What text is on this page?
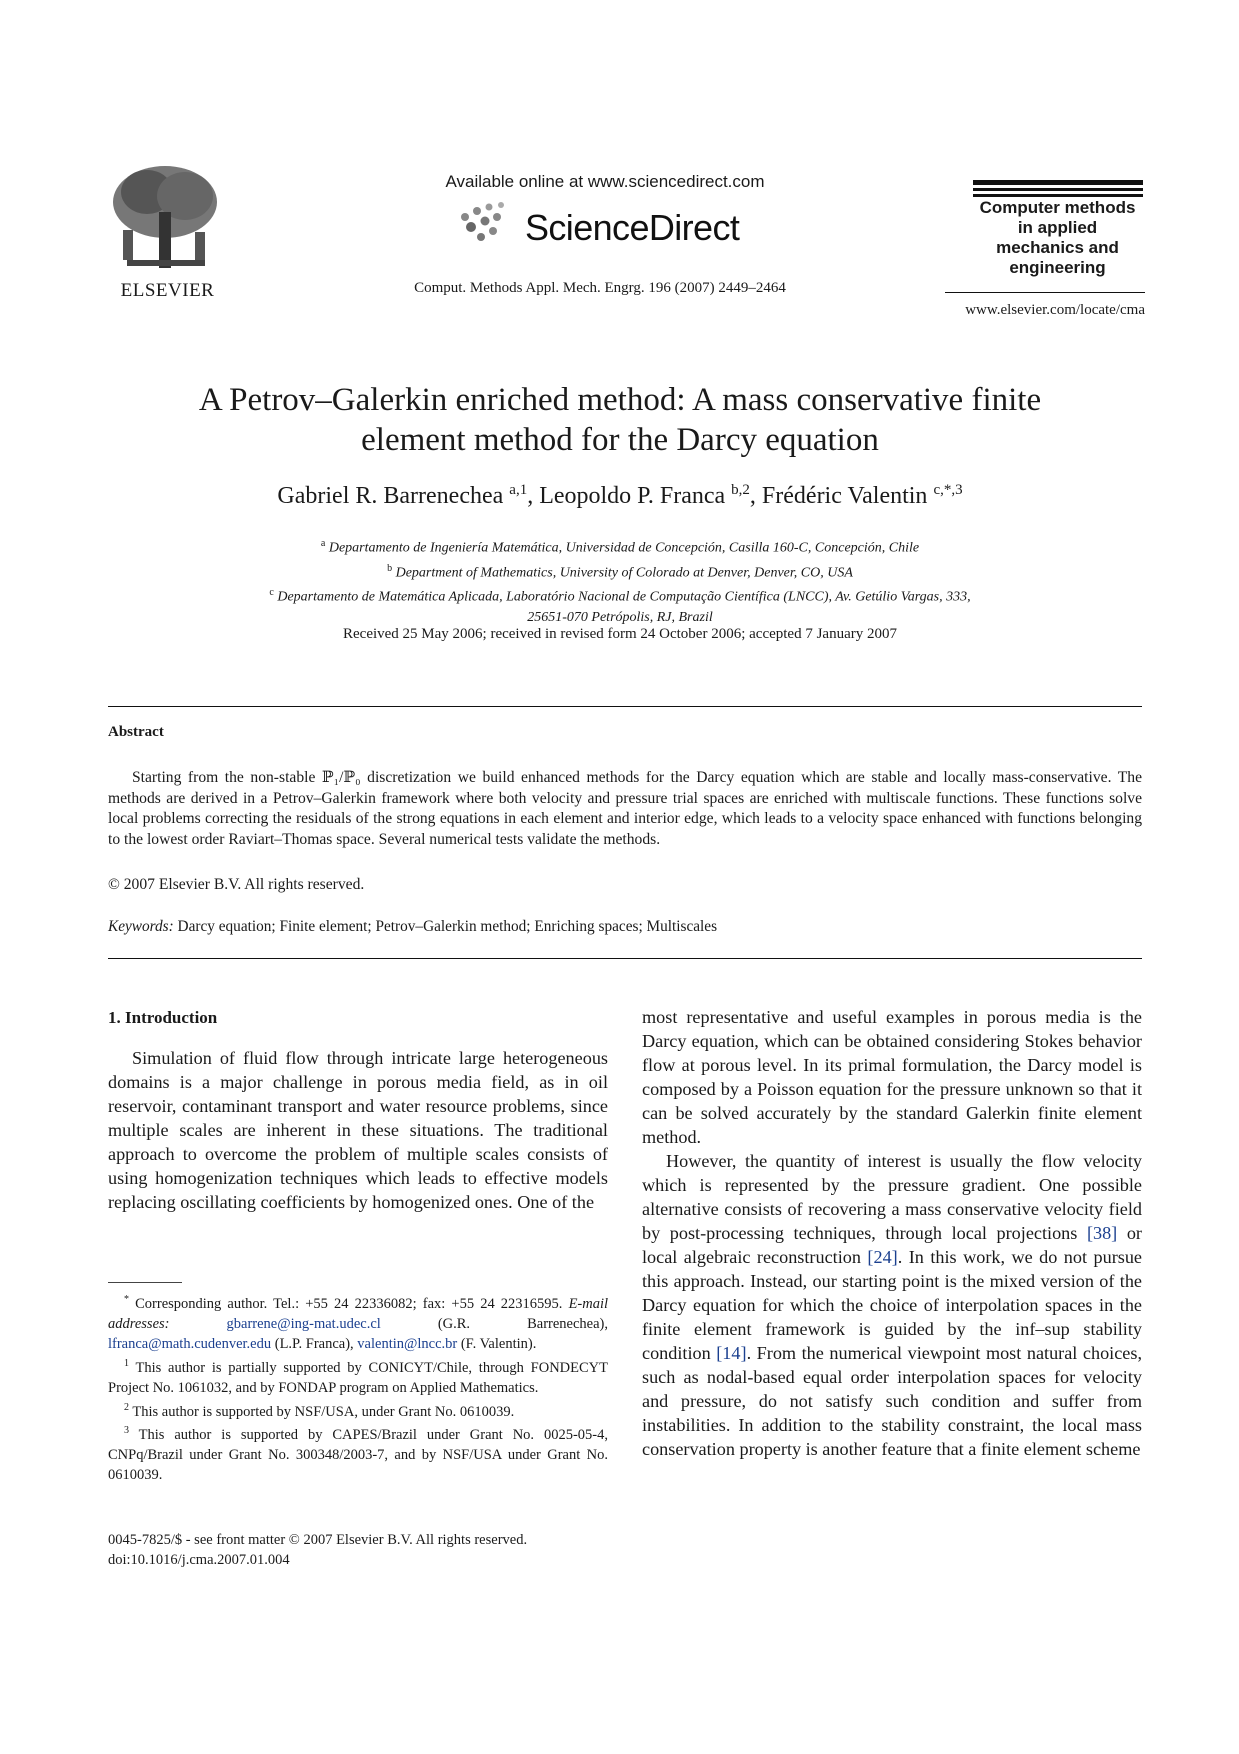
ELSEVIER
Available online at www.sciencedirect.com
ScienceDirect
Comput. Methods Appl. Mech. Engrg. 196 (2007) 2449–2464
Computer methods
in applied
mechanics and
engineering
www.elsevier.com/locate/cma
A Petrov–Galerkin enriched method: A mass conservative finite
element method for the Darcy equation
Gabriel R. Barrenechea $^{a,1}$, Leopoldo P. Franca $^{b,2}$, Frédéric Valentin $^{c,*,3}$
$^a$ Departamento de Ingeniería Matemática, Universidad de Concepción, Casilla 160-C, Concepción, Chile
$^b$ Department of Mathematics, University of Colorado at Denver, Denver, CO, USA
$^c$ Departamento de Matemática Aplicada, Laboratório Nacional de Computação Científica (LNCC), Av. Getúlio Vargas, 333,
25651-070 Petrópolis, RJ, Brazil
Received 25 May 2006; received in revised form 24 October 2006; accepted 7 January 2007
Abstract

Starting from the non-stable ℙ₁/ℙ₀ discretization we build enhanced methods for the Darcy equation which are stable and locally mass-conservative. The methods are derived in a Petrov–Galerkin framework where both velocity and pressure trial spaces are enriched with multiscale functions. These functions solve local problems correcting the residuals of the strong equations in each element and interior edge, which leads to a velocity space enhanced with functions belonging to the lowest order Raviart–Thomas space. Several numerical tests validate the methods.

© 2007 Elsevier B.V. All rights reserved.
Keywords: Darcy equation; Finite element; Petrov–Galerkin method; Enriching spaces; Multiscales
1. Introduction

Simulation of fluid flow through intricate large heterogeneous domains is a major challenge in porous media field, as in oil reservoir, contaminant transport and water resource problems, since multiple scales are inherent in these situations. The traditional approach to overcome the problem of multiple scales consists of using homogenization techniques which leads to effective models replacing oscillating coefficients by homogenized ones. One of the

* Corresponding author. Tel.: +55 24 22336082; fax: +55 24 22316595. E-mail addresses:	gbarrene@ing-mat.udec.cl (G.R. Barrenechea), lfranca@math.cudenver.edu (L.P. Franca), valentin@lncc.br (F. Valentin).

$^1$ This author is partially supported by CONICYT/Chile, through FONDECYT Project No. 1061032, and by FONDAP program on Applied Mathematics.

$^2$ This author is supported by NSF/USA, under Grant No. 0610039.

$^3$ This author is supported by CAPES/Brazil under Grant No. 0025-05-4, CNPq/Brazil under Grant No. 300348/2003-7, and by NSF/USA under Grant No. 0610039.

0045-7825/$ - see front matter © 2007 Elsevier B.V. All rights reserved.
doi:10.1016/j.cma.2007.01.004

most representative and useful examples in porous media is the Darcy equation, which can be obtained considering Stokes behavior flow at porous level. In its primal formulation, the Darcy model is composed by a Poisson equation for the pressure unknown so that it can be solved accurately by the standard Galerkin finite element method.

However, the quantity of interest is usually the flow velocity which is represented by the pressure gradient. One possible alternative consists of recovering a mass conservative velocity field by post-processing techniques, through local projections [38] or local algebraic reconstruction [24]. In this work, we do not pursue this approach. Instead, our starting point is the mixed version of the Darcy equation for which the choice of interpolation spaces in the finite element framework is guided by the inf–sup stability condition [14]. From the numerical viewpoint most natural choices, such as nodal-based equal order interpolation spaces for velocity and pressure, do not satisfy such condition and suffer from instabilities. In addition to the stability constraint, the local mass conservation property is another feature that a finite element scheme
